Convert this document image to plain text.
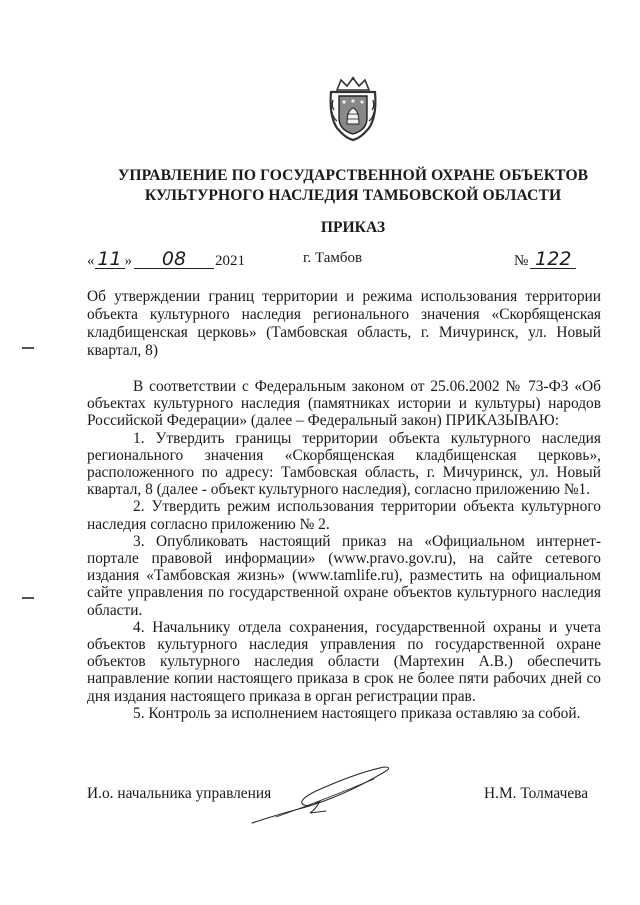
УПРАВЛЕНИЕ ПО ГОСУДАРСТВЕННОЙ ОХРАНЕ ОБЪЕКТОВ
КУЛЬТУРНОГО НАСЛЕДИЯ ТАМБОВСКОЙ ОБЛАСТИ
ПРИКАЗ
« 11 » 08 2021	г. Тамбов	№ 122
Об утверждении границ территории и режима использования территории объекта культурного наследия регионального значения «Скорбященская кладбищенская церковь» (Тамбовская область, г. Мичуринск, ул. Новый квартал, 8)

В соответствии с Федеральным законом от 25.06.2002 № 73-ФЗ «Об объектах культурного наследия (памятниках истории и культуры) народов Российской Федерации» (далее – Федеральный закон) ПРИКАЗЫВАЮ:

1. Утвердить границы территории объекта культурного наследия регионального значения «Скорбященская кладбищенская церковь», расположенного по адресу: Тамбовская область, г. Мичуринск, ул. Новый квартал, 8 (далее - объект культурного наследия), согласно приложению №1.

2. Утвердить режим использования территории объекта культурного наследия согласно приложению № 2.

3. Опубликовать настоящий приказ на «Официальном интернет-портале правовой информации» (www.pravo.gov.ru), на сайте сетевого издания «Тамбовская жизнь» (www.tamlife.ru), разместить на официальном сайте управления по государственной охране объектов культурного наследия области.

4. Начальнику отдела сохранения, государственной охраны и учета объектов культурного наследия управления по государственной охране объектов культурного наследия области (Мартехин А.В.) обеспечить направление копии настоящего приказа в срок не более пяти рабочих дней со дня издания настоящего приказа в орган регистрации прав.

5. Контроль за исполнением настоящего приказа оставляю за собой.

И.о. начальника управления	Н.М. Толмачева
